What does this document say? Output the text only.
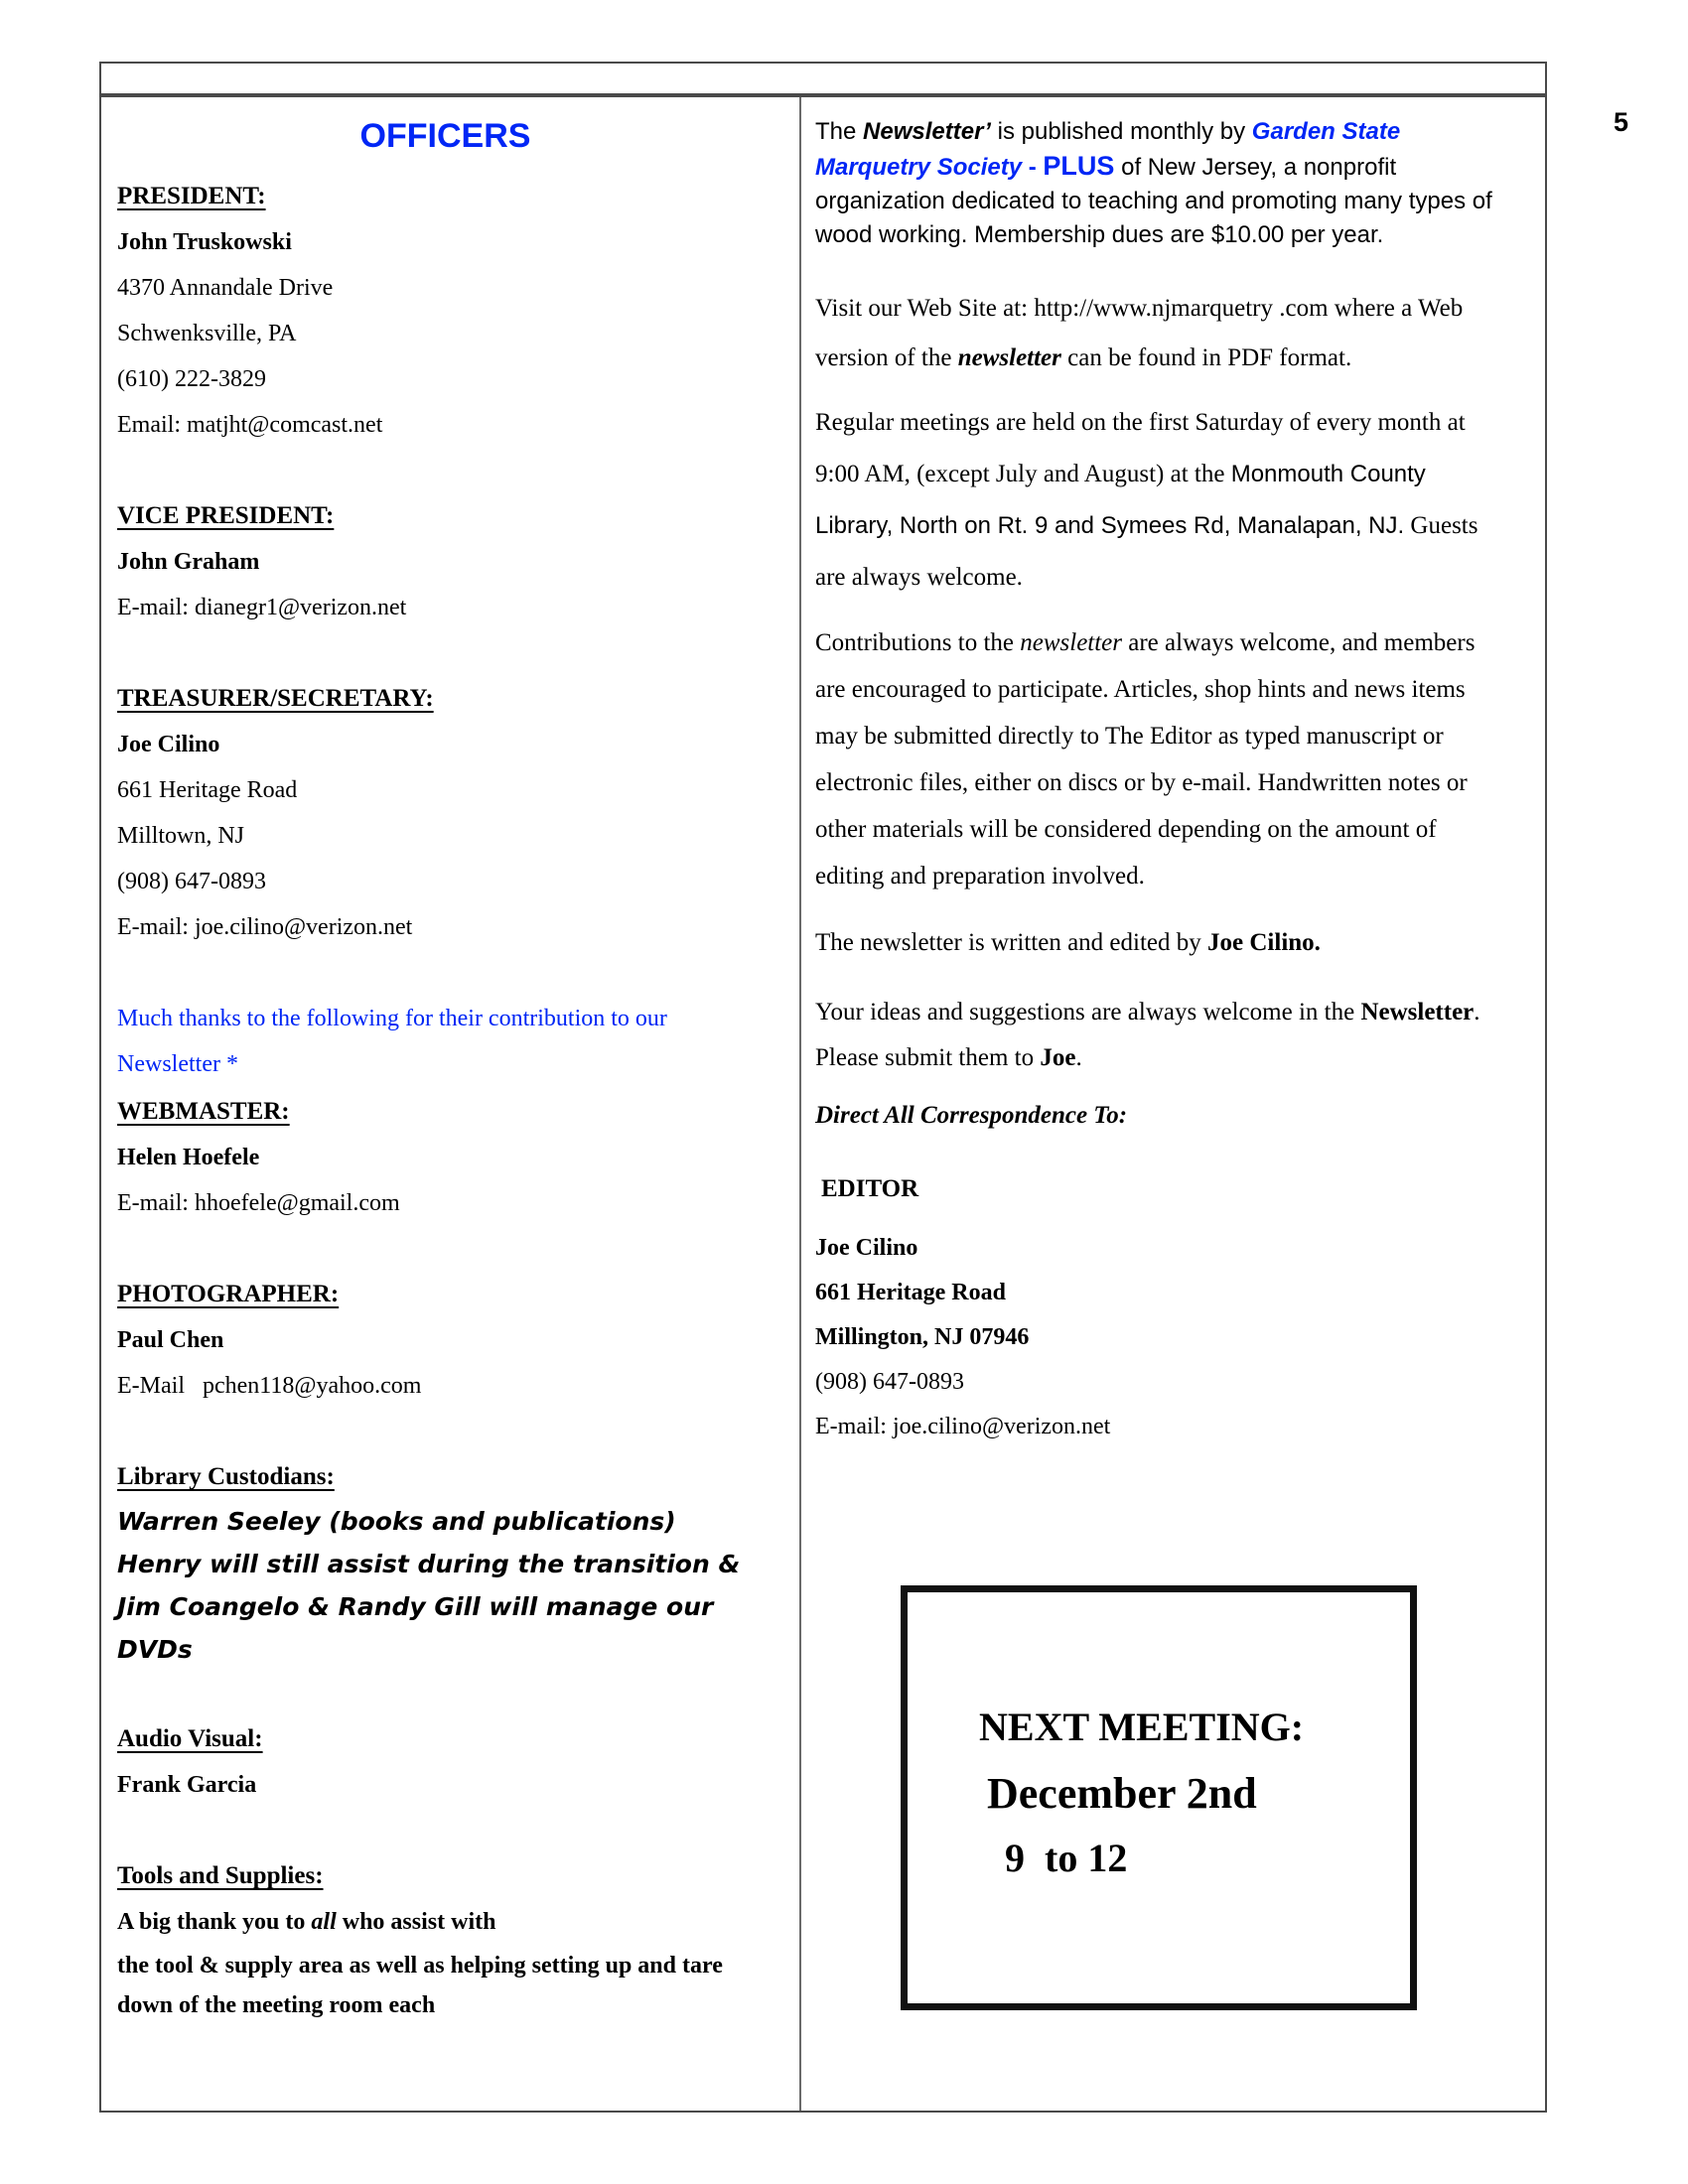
5
OFFICERS
PRESIDENT:
John Truskowski
4370 Annandale Drive
Schwenksville, PA
(610) 222-3829
Email: matjht@comcast.net
VICE PRESIDENT:
John Graham
E-mail: dianegr1@verizon.net
TREASURER/SECRETARY:
Joe Cilino
661 Heritage Road
Milltown, NJ
(908) 647-0893
E-mail: joe.cilino@verizon.net
Much thanks to the following for their contribution to our Newsletter *
WEBMASTER:
Helen Hoefele
E-mail: hhoefele@gmail.com
PHOTOGRAPHER:
Paul Chen
E-Mail   pchen118@yahoo.com
Library Custodians:
Warren Seeley (books and publications)
Henry will still assist during the transition & Jim Coangelo & Randy Gill will manage our DVDs
Audio Visual:
Frank Garcia
Tools and Supplies:
A big thank you to all who assist with
the tool & supply area as well as helping setting up and tare down of the meeting room each

The Newsletter’ is published monthly by Garden State Marquetry Society - PLUS of New Jersey, a nonprofit organization dedicated to teaching and promoting many types of wood working. Membership dues are $10.00 per year.

Visit our Web Site at: http://www.njmarquetry .com where a Web version of the newsletter can be found in PDF format.

Regular meetings are held on the first Saturday of every month at 9:00 AM, (except July and August) at the Monmouth County Library, North on Rt. 9 and Symees Rd, Manalapan, NJ. Guests are always welcome.

Contributions to the newsletter are always welcome, and members are encouraged to participate. Articles, shop hints and news items may be submitted directly to The Editor as typed manuscript or electronic files, either on discs or by e-mail. Handwritten notes or other materials will be considered depending on the amount of editing and preparation involved.

The newsletter is written and edited by Joe Cilino.

Your ideas and suggestions are always welcome in the Newsletter. Please submit them to Joe.

Direct All Correspondence To:
EDITOR
Joe Cilino
661 Heritage Road
Millington, NJ 07946
(908) 647-0893
E-mail: joe.cilino@verizon.net
NEXT MEETING:
December 2nd
9  to 12
